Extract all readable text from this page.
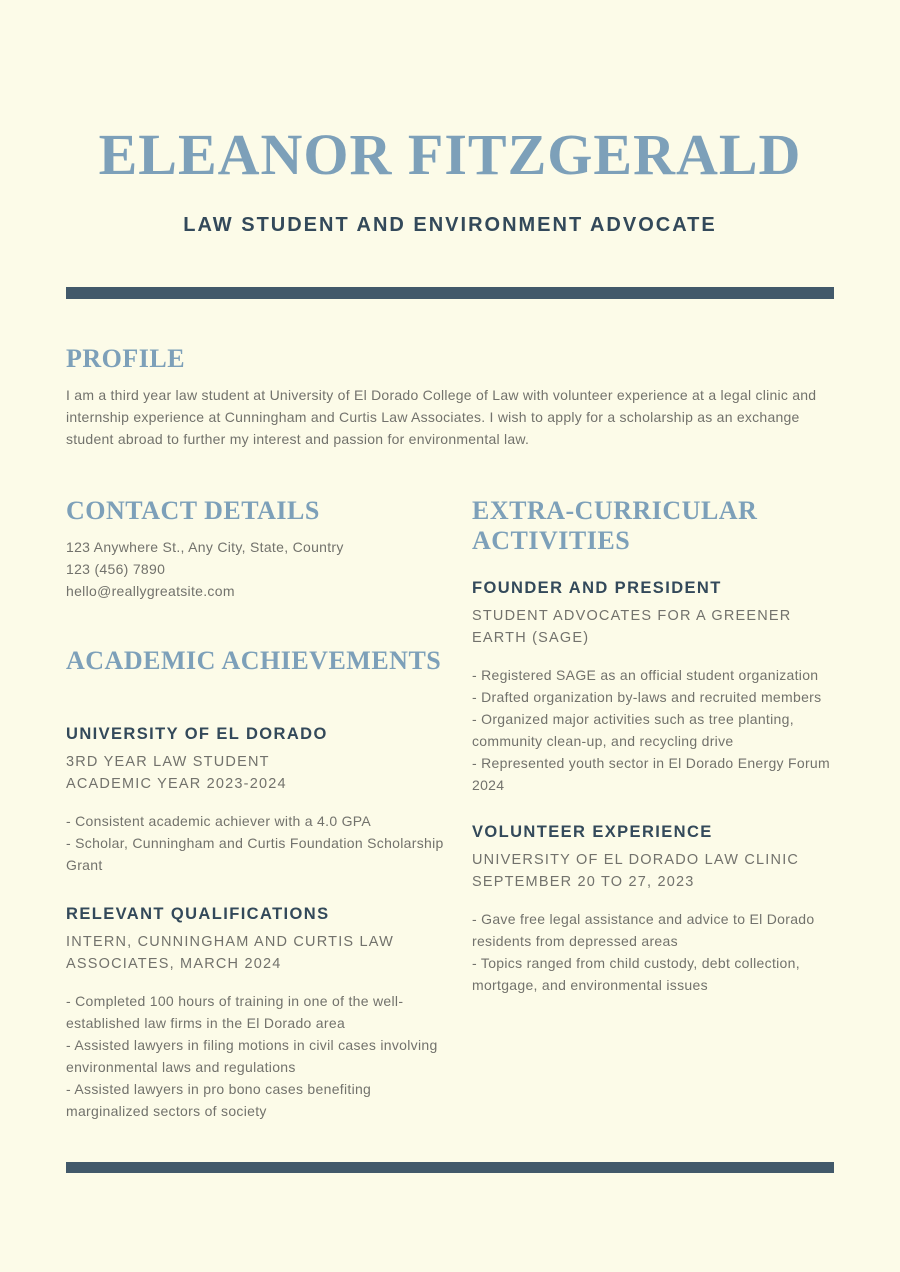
ELEANOR FITZGERALD
LAW STUDENT AND ENVIRONMENT ADVOCATE
PROFILE

I am a third year law student at University of El Dorado College of Law with volunteer experience at a legal clinic and internship experience at Cunningham and Curtis Law Associates. I wish to apply for a scholarship as an exchange student abroad to further my interest and passion for environmental law.

CONTACT DETAILS
123 Anywhere St., Any City, State, Country
123 (456) 7890
hello@reallygreatsite.com
ACADEMIC ACHIEVEMENTS
UNIVERSITY OF EL DORADO
3RD YEAR LAW STUDENT
ACADEMIC YEAR 2023-2024
- Consistent academic achiever with a 4.0 GPA
- Scholar, Cunningham and Curtis Foundation Scholarship Grant
RELEVANT QUALIFICATIONS
INTERN, CUNNINGHAM AND CURTIS LAW ASSOCIATES, MARCH 2024
- Completed 100 hours of training in one of the well-established law firms in the El Dorado area
- Assisted lawyers in filing motions in civil cases involving environmental laws and regulations
- Assisted lawyers in pro bono cases benefiting marginalized sectors of society
EXTRA-CURRICULAR ACTIVITIES
FOUNDER AND PRESIDENT
STUDENT ADVOCATES FOR A GREENER EARTH (SAGE)
- Registered SAGE as an official student organization
- Drafted organization by-laws and recruited members
- Organized major activities such as tree planting, community clean-up, and recycling drive
- Represented youth sector in El Dorado Energy Forum 2024
VOLUNTEER EXPERIENCE
UNIVERSITY OF EL DORADO LAW CLINIC
SEPTEMBER 20 TO 27, 2023
- Gave free legal assistance and advice to El Dorado residents from depressed areas
- Topics ranged from child custody, debt collection, mortgage, and environmental issues
